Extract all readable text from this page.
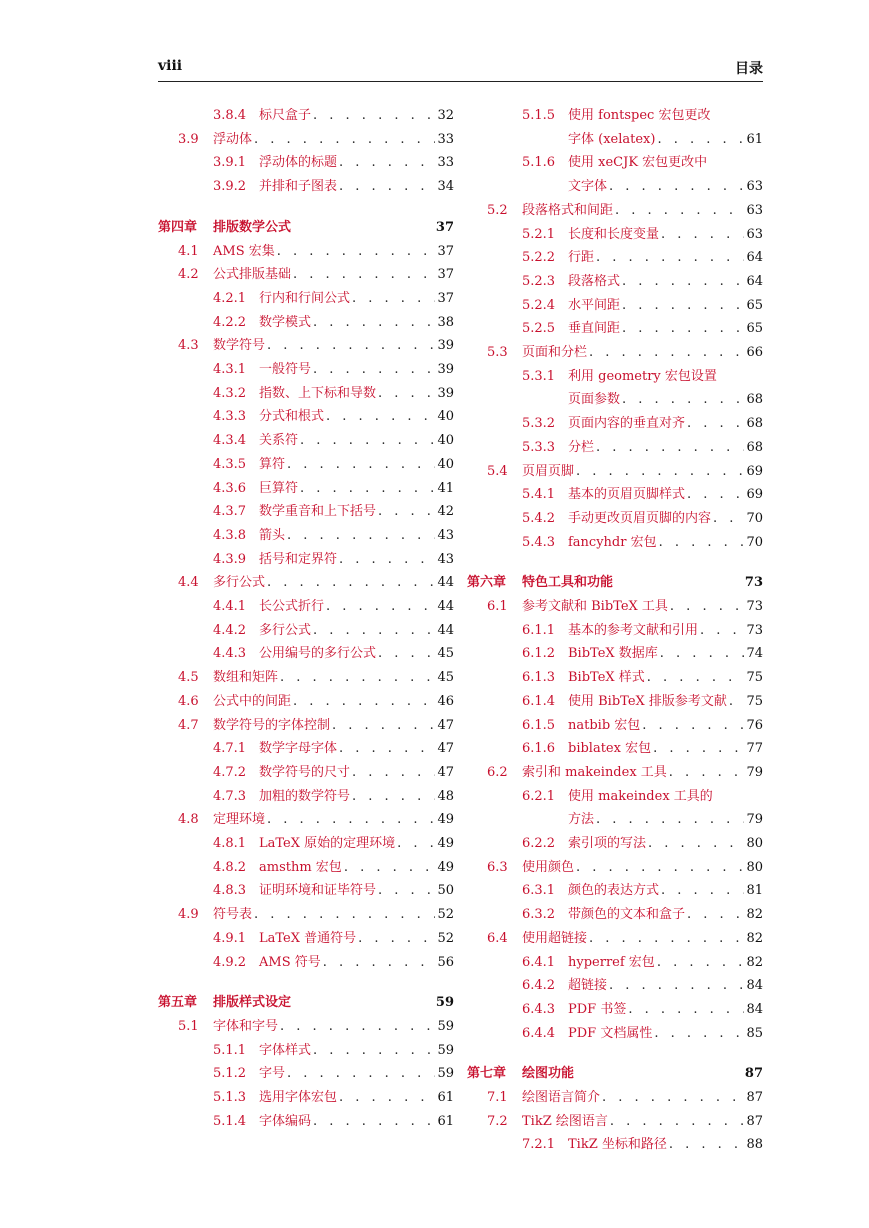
viii	目录
3.8.4 标尺盒子 . . .	32
3.9 浮动体 . . .	33
3.9.1 浮动体的标题 . . .	33
3.9.2 并排和子图表 . . .	34
第四章 排版数学公式	37
4.1 AMS 宏集 . . .	37
4.2 公式排版基础 . . .	37
4.2.1 行内和行间公式 . . .	37
4.2.2 数学模式 . . .	38
4.3 数学符号 . . .	39
4.3.1 一般符号 . . .	39
4.3.2 指数、上下标和导数 . . .	39
4.3.3 分式和根式 . . .	40
4.3.4 关系符 . . .	40
4.3.5 算符 . . .	40
4.3.6 巨算符 . . .	41
4.3.7 数学重音和上下括号 . . .	42
4.3.8 箭头 . . .	43
4.3.9 括号和定界符 . . .	43
4.4 多行公式 . . .	44
4.4.1 长公式折行 . . .	44
4.4.2 多行公式 . . .	44
4.4.3 公用编号的多行公式 . . .	45
4.5 数组和矩阵 . . .	45
4.6 公式中的间距 . . .	46
4.7 数学符号的字体控制 . . .	47
4.7.1 数学字母字体 . . .	47
4.7.2 数学符号的尺寸 . . .	47
4.7.3 加粗的数学符号 . . .	48
4.8 定理环境 . . .	49
4.8.1 LaTeX 原始的定理环境 . . .	49
4.8.2 amsthm 宏包 . . .	49
4.8.3 证明环境和证毕符号 . . .	50
4.9 符号表 . . .	52
4.9.1 LaTeX 普通符号 . . .	52
4.9.2 AMS 符号 . . .	56
第五章 排版样式设定	59
5.1 字体和字号 . . .	59
5.1.1 字体样式 . . .	59
5.1.2 字号 . . .	59
5.1.3 选用字体宏包 . . .	61
5.1.4 字体编码 . . .	61
5.1.5 使用 fontspec 宏包更改
字体 (xelatex) . . .	61
5.1.6 使用 xeCJK 宏包更改中
文字体 . . .	63
5.2 段落格式和间距 . . .	63
5.2.1 长度和长度变量 . . .	63
5.2.2 行距 . . .	64
5.2.3 段落格式 . . .	64
5.2.4 水平间距 . . .	65
5.2.5 垂直间距 . . .	65
5.3 页面和分栏 . . .	66
5.3.1 利用 geometry 宏包设置
页面参数 . . .	68
5.3.2 页面内容的垂直对齐 . . .	68
5.3.3 分栏 . . .	68
5.4 页眉页脚 . . .	69
5.4.1 基本的页眉页脚样式 . . .	69
5.4.2 手动更改页眉页脚的内容 . . .	70
5.4.3 fancyhdr 宏包 . . .	70
第六章 特色工具和功能	73
6.1 参考文献和 BibTeX 工具 . . .	73
6.1.1 基本的参考文献和引用 . . .	73
6.1.2 BibTeX 数据库 . . .	74
6.1.3 BibTeX 样式 . . .	75
6.1.4 使用 BibTeX 排版参考文献 . . . 75
6.1.5 natbib 宏包 . . .	76
6.1.6 biblatex 宏包 . . .	77
6.2 索引和 makeindex 工具 . . .	79
6.2.1 使用 makeindex 工具的
方法 . . .	79
6.2.2 索引项的写法 . . .	80
6.3 使用颜色 . . .	80
6.3.1 颜色的表达方式 . . .	81
6.3.2 带颜色的文本和盒子 . . .	82
6.4 使用超链接 . . .	82
6.4.1 hyperref 宏包 . . .	82
6.4.2 超链接 . . .	84
6.4.3 PDF 书签 . . .	84
6.4.4 PDF 文档属性 . . .	85
第七章 绘图功能	87
7.1 绘图语言简介 . . .	87
7.2 TikZ 绘图语言 . . .	87
7.2.1 TikZ 坐标和路径 . . .	88
